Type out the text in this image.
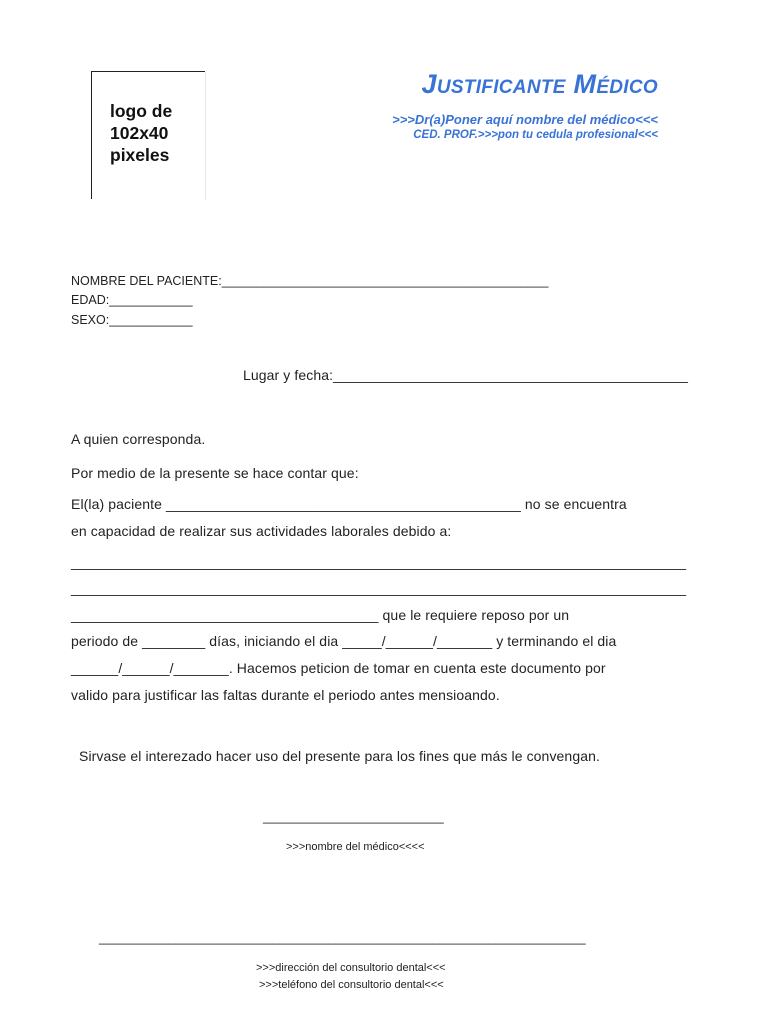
logo de 102x40 pixeles
Justificante Médico
>>>Dr(a)Poner aquí nombre del médico<<<
CED. PROF.>>>pon tu cedula profesional<<<
NOMBRE DEL PACIENTE:_______________________________________________
EDAD:____________
SEXO:____________
Lugar y fecha:_____________________________________________
A quien corresponda.
Por medio de la presente se hace contar que:
El(la) paciente _____________________________________________ no se encuentra
en capacidad de realizar sus actividades laborales debido a:
______________________________________________________________________________
______________________________________________________________________________
_______________________________________ que le requiere reposo por un
periodo de ________ días, iniciando el dia _____/______/_______ y terminando el dia
______/______/_______. Hacemos peticion de tomar en cuenta este documento por
valido para justificar las faltas durante el periodo antes mensioando.
Sirvase el interezado hacer uso del presente para los fines que más le convengan.
__________________________
>>>nombre del médico<<<<
______________________________________________________________________
>>>dirección del consultorio dental<<<
>>>teléfono del consultorio dental<<<
